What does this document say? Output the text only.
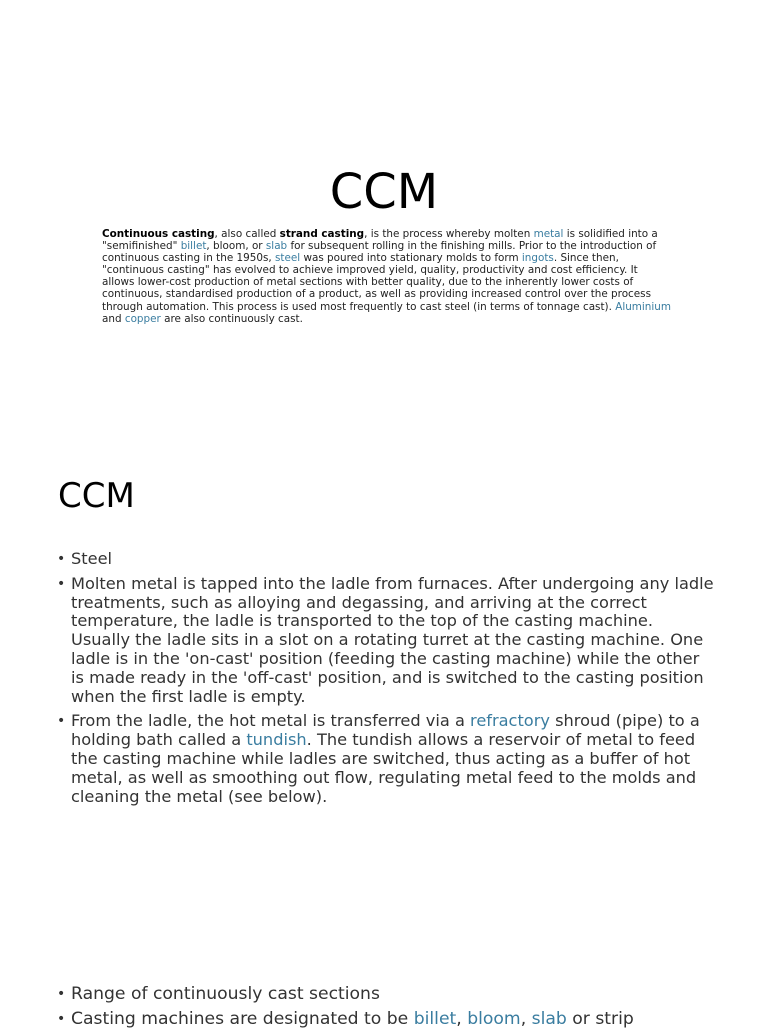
CCM
Continuous casting, also called strand casting, is the process whereby molten metal is solidified into a "semifinished" billet, bloom, or slab for subsequent rolling in the finishing mills. Prior to the introduction of continuous casting in the 1950s, steel was poured into stationary molds to form ingots. Since then, "continuous casting" has evolved to achieve improved yield, quality, productivity and cost efficiency. It allows lower-cost production of metal sections with better quality, due to the inherently lower costs of continuous, standardised production of a product, as well as providing increased control over the process through automation. This process is used most frequently to cast steel (in terms of tonnage cast). Aluminium and copper are also continuously cast.
CCM
• Steel
• Molten metal is tapped into the ladle from furnaces. After undergoing any ladle treatments, such as alloying and degassing, and arriving at the correct temperature, the ladle is transported to the top of the casting machine. Usually the ladle sits in a slot on a rotating turret at the casting machine. One ladle is in the 'on-cast' position (feeding the casting machine) while the other is made ready in the 'off-cast' position, and is switched to the casting position when the first ladle is empty.
• From the ladle, the hot metal is transferred via a refractory shroud (pipe) to a holding bath called a tundish. The tundish allows a reservoir of metal to feed the casting machine while ladles are switched, thus acting as a buffer of hot metal, as well as smoothing out flow, regulating metal feed to the molds and cleaning the metal (see below).
• Range of continuously cast sections
• Casting machines are designated to be billet, bloom, slab or strip
